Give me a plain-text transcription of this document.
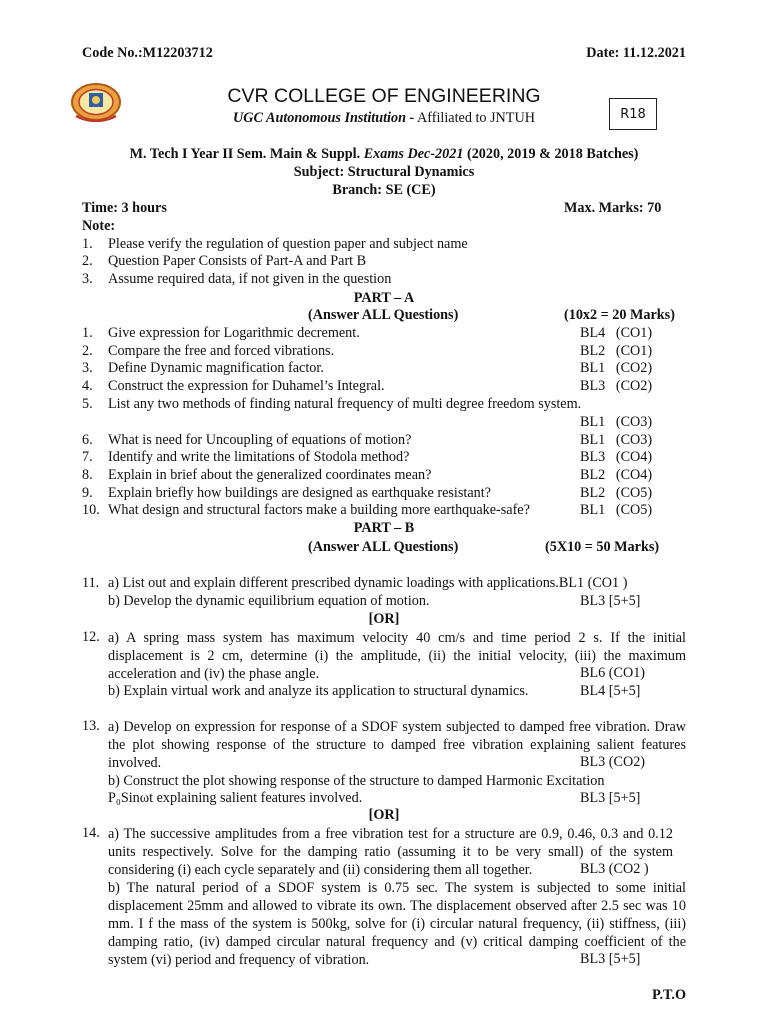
Code No.:M12203712	Date: 11.12.2021
CVR COLLEGE OF ENGINEERING
UGC Autonomous Institution - Affiliated to JNTUH	R18
M. Tech I Year II Sem. Main & Suppl. Exams Dec-2021 (2020, 2019 & 2018 Batches)
Subject: Structural Dynamics
Branch: SE (CE)
Time: 3 hours	Max. Marks: 70
Note:
1. Please verify the regulation of question paper and subject name
2. Question Paper Consists of Part-A and Part B
3. Assume required data, if not given in the question
PART – A
(Answer ALL Questions)	(10x2 = 20 Marks)
1. Give expression for Logarithmic decrement.	BL4   (CO1)
2. Compare the free and forced vibrations.	BL2   (CO1)
3. Define Dynamic magnification factor.	BL1   (CO2)
4. Construct the expression for Duhamel’s Integral.	BL3   (CO2)
5. List any two methods of finding natural frequency of multi degree freedom system.
BL1   (CO3)
6. What is need for Uncoupling of equations of motion?	BL1   (CO3)
7. Identify and write the limitations of Stodola method?	BL3   (CO4)
8. Explain in brief about the generalized coordinates mean?	BL2   (CO4)
9. Explain briefly how buildings are designed as earthquake resistant?	BL2   (CO5)
10. What design and structural factors make a building more earthquake-safe?	BL1   (CO5)
PART – B
(Answer ALL Questions)	(5X10 = 50 Marks)
11. a) List out and explain different prescribed dynamic loadings with applications.BL1 (CO1 )
b) Develop the dynamic equilibrium equation of motion.	BL3 [5+5]
[OR]
12. a) A spring mass system has maximum velocity 40 cm/s and time period 2 s. If the initial displacement is 2 cm, determine (i) the amplitude, (ii) the initial velocity, (iii) the maximum acceleration and (iv) the phase angle.	BL6 (CO1)
b) Explain virtual work and analyze its application to structural dynamics.	BL4 [5+5]
13. a) Develop on expression for response of a SDOF system subjected to damped free vibration. Draw the plot showing response of the structure to damped free vibration explaining salient features involved.	BL3 (CO2)
b) Construct the plot showing response of the structure to damped Harmonic Excitation
P₀Sinωt explaining salient features involved.	BL3 [5+5]
[OR]
14. a) The successive amplitudes from a free vibration test for a structure are 0.9, 0.46, 0.3 and 0.12 units respectively. Solve for the damping ratio (assuming it to be very small) of the system considering (i) each cycle separately and (ii) considering them all together.	BL3 (CO2 )
b) The natural period of a SDOF system is 0.75 sec. The system is subjected to some initial displacement 25mm and allowed to vibrate its own. The displacement observed after 2.5 sec was 10 mm. I f the mass of the system is 500kg, solve for (i) circular natural frequency, (ii) stiffness, (iii) damping ratio, (iv) damped circular natural frequency and (v) critical damping coefficient of the system (vi) period and frequency of vibration.	BL3 [5+5]
P.T.O
